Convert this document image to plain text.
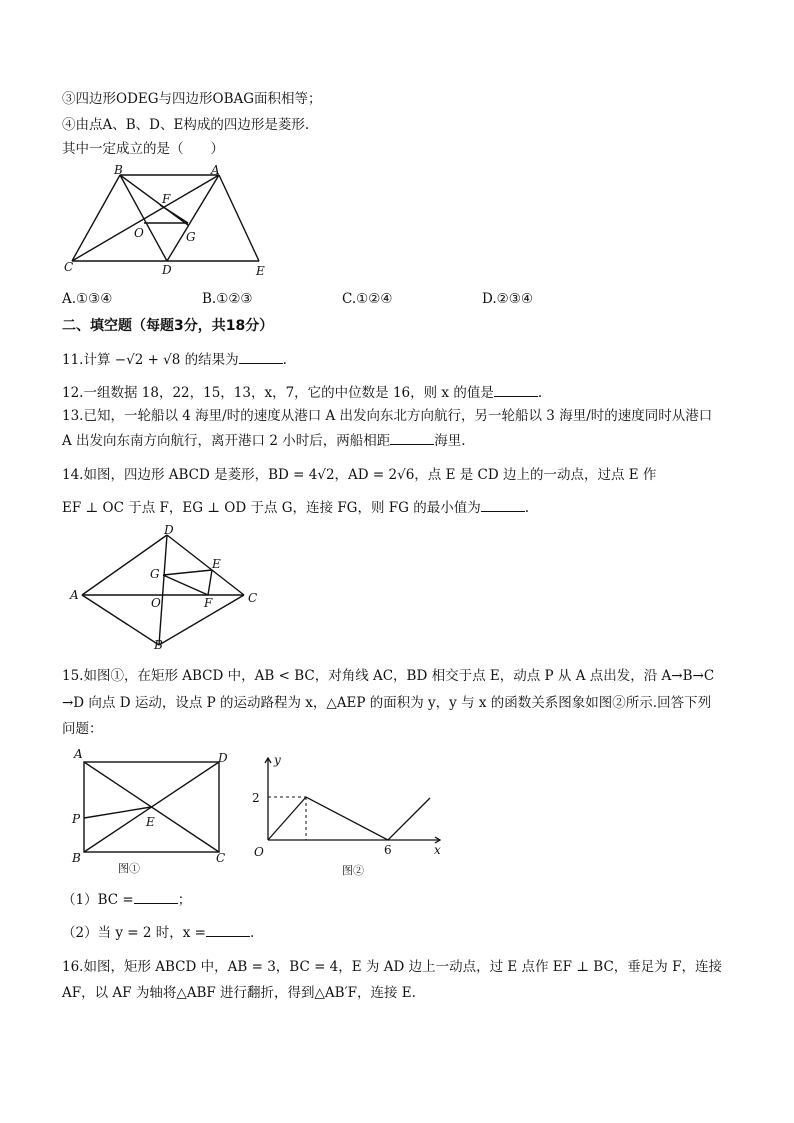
③四边形ODEG与四边形OBAG面积相等；
④由点A、B、D、E构成的四边形是菱形.
其中一定成立的是（　　）
B	A
F
O	G
C	D	E
A.①③④	B.①②③	C.①②④	D.②③④
二、填空题（每题3分，共18分）
11.计算 −√2 + √8 的结果为	.
12.一组数据 18，22，15，13，x，7，它的中位数是 16，则 x 的值是	.
13.已知，一轮船以 4 海里/时的速度从港口 A 出发向东北方向航行，另一轮船以 3 海里/时的速度同时从港口
A 出发向东南方向航行，离开港口 2 小时后，两船相距	海里.
14.如图，四边形 ABCD 是菱形，BD = 4√2，AD = 2√6，点 E 是 CD 边上的一动点，过点 E 作
EF ⊥ OC 于点 F，EG ⊥ OD 于点 G，连接 FG，则 FG 的最小值为	.
D
E
G
A
O	F	C
B
15.如图①，在矩形 ABCD 中，AB < BC，对角线 AC，BD 相交于点 E，动点 P 从 A 点出发，沿 A→B→C
→D 向点 D 运动，设点 P 的运动路程为 x，△AEP 的面积为 y，y 与 x 的函数关系图象如图②所示.回答下列
问题：
A	D
P	E
B	C
图①
y
2
O	6	x
图②
（1）BC =	；
（2）当 y = 2 时，x =	.
16.如图，矩形 ABCD 中，AB = 3，BC = 4，E 为 AD 边上一动点，过 E 点作 EF ⊥ BC，垂足为 F，连接
AF，以 AF 为轴将△ABF 进行翻折，得到△AB′F，连接 E.
